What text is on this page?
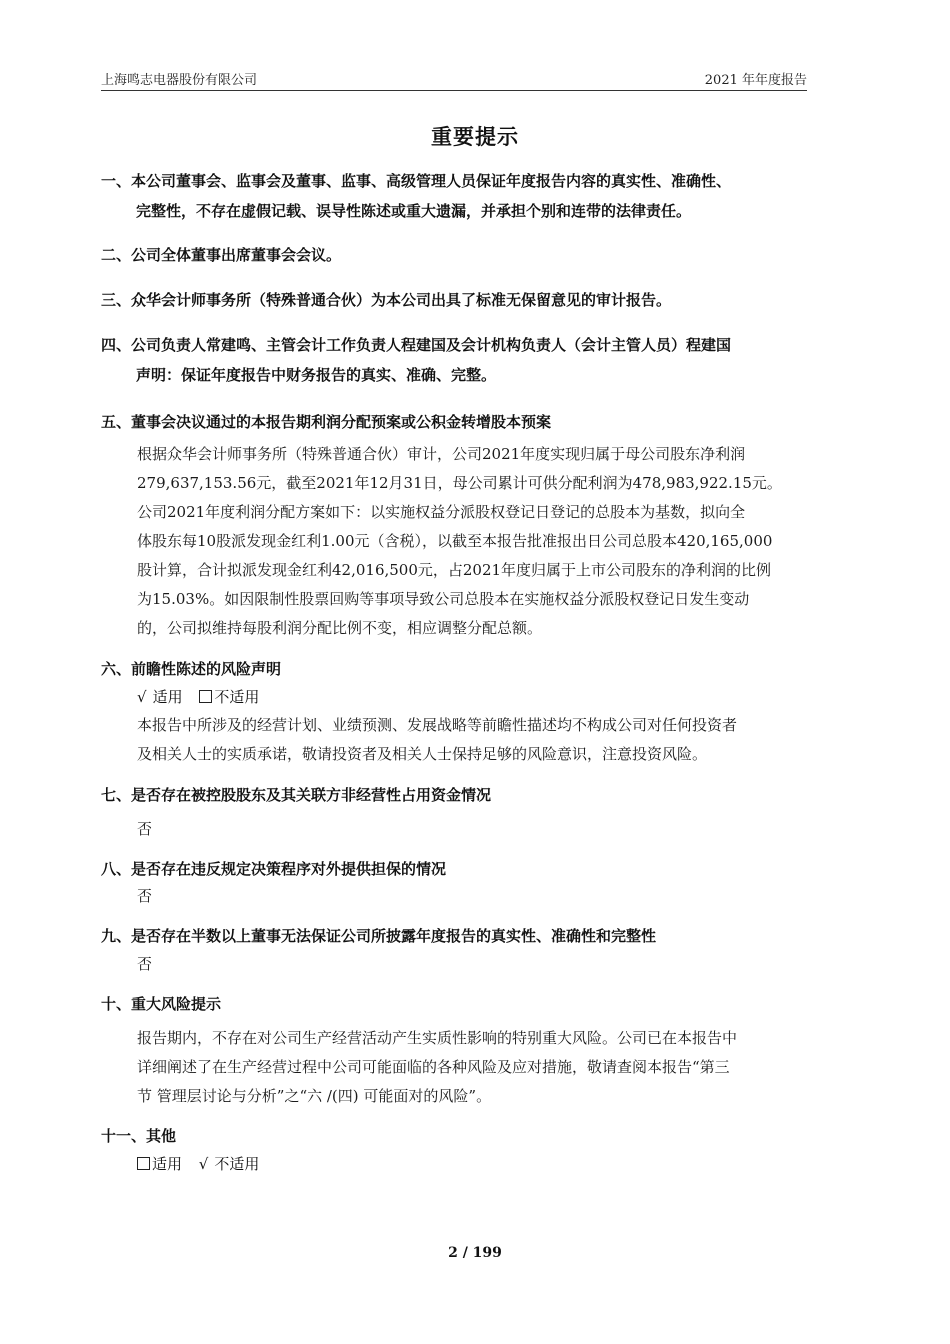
上海鸣志电器股份有限公司	2021 年年度报告
重要提示
一、本公司董事会、监事会及董事、监事、高级管理人员保证年度报告内容的真实性、准确性、
完整性，不存在虚假记载、误导性陈述或重大遗漏，并承担个别和连带的法律责任。
二、公司全体董事出席董事会会议。
三、众华会计师事务所（特殊普通合伙）为本公司出具了标准无保留意见的审计报告。
四、公司负责人常建鸣、主管会计工作负责人程建国及会计机构负责人（会计主管人员）程建国
声明：保证年度报告中财务报告的真实、准确、完整。
五、董事会决议通过的本报告期利润分配预案或公积金转增股本预案
根据众华会计师事务所（特殊普通合伙）审计，公司2021年度实现归属于母公司股东净利润
279,637,153.56元，截至2021年12月31日，母公司累计可供分配利润为478,983,922.15元。
公司2021年度利润分配方案如下：以实施权益分派股权登记日登记的总股本为基数，拟向全
体股东每10股派发现金红利1.00元（含税），以截至本报告批准报出日公司总股本420,165,000
股计算，合计拟派发现金红利42,016,500元，占2021年度归属于上市公司股东的净利润的比例
为15.03%。如因限制性股票回购等事项导致公司总股本在实施权益分派股权登记日发生变动
的，公司拟维持每股利润分配比例不变，相应调整分配总额。
六、前瞻性陈述的风险声明
√ 适用 不适用
本报告中所涉及的经营计划、业绩预测、发展战略等前瞻性描述均不构成公司对任何投资者
及相关人士的实质承诺，敬请投资者及相关人士保持足够的风险意识，注意投资风险。
七、是否存在被控股股东及其关联方非经营性占用资金情况
否
八、是否存在违反规定决策程序对外提供担保的情况
否
九、是否存在半数以上董事无法保证公司所披露年度报告的真实性、准确性和完整性
否
十、重大风险提示
报告期内，不存在对公司生产经营活动产生实质性影响的特别重大风险。公司已在本报告中
详细阐述了在生产经营过程中公司可能面临的各种风险及应对措施，敬请查阅本报告“第三
节 管理层讨论与分析”之“六 /(四) 可能面对的风险”。
十一、其他
适用 √ 不适用
2 / 199
